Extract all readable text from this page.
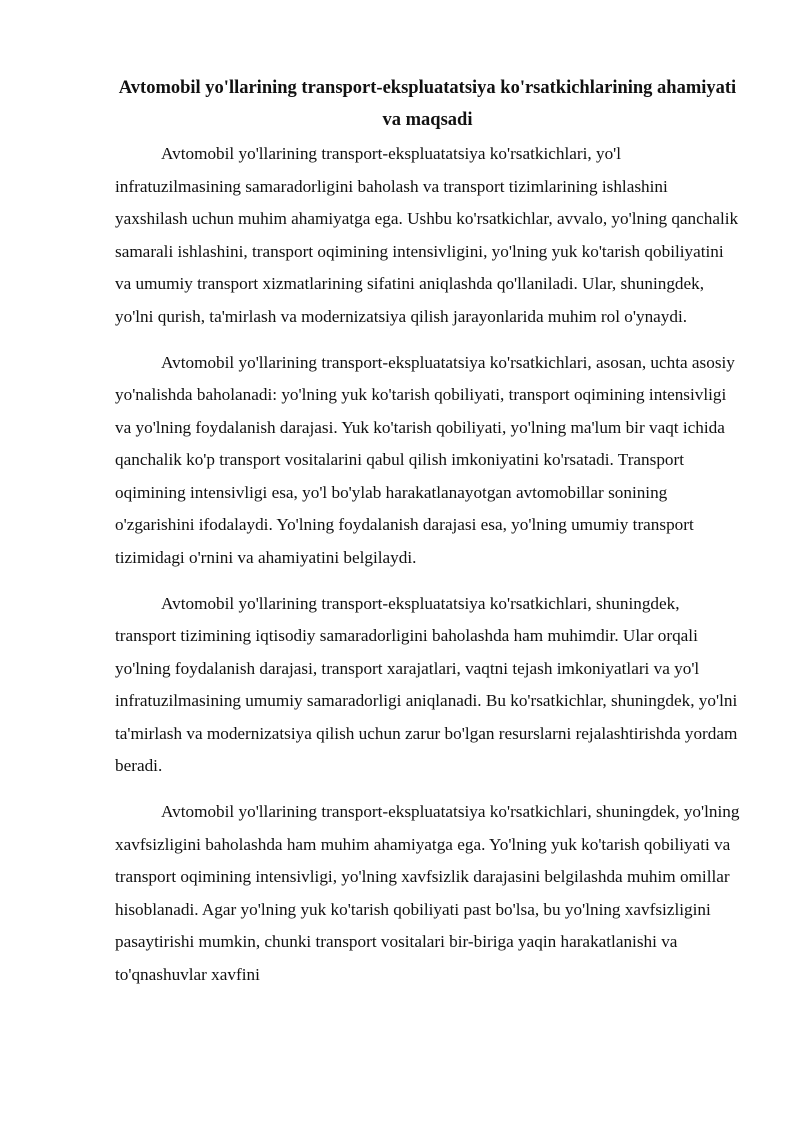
Avtomobil yo'llarining transport-ekspluatatsiya ko'rsatkichlarining ahamiyati va maqsadi

Avtomobil yo'llarining transport-ekspluatatsiya ko'rsatkichlari, yo'l infratuzilmasining samaradorligini baholash va transport tizimlarining ishlashini yaxshilash uchun muhim ahamiyatga ega. Ushbu ko'rsatkichlar, avvalo, yo'lning qanchalik samarali ishlashini, transport oqimining intensivligini, yo'lning yuk ko'tarish qobiliyatini va umumiy transport xizmatlarining sifatini aniqlashda qo'llaniladi. Ular, shuningdek, yo'lni qurish, ta'mirlash va modernizatsiya qilish jarayonlarida muhim rol o'ynaydi.

Avtomobil yo'llarining transport-ekspluatatsiya ko'rsatkichlari, asosan, uchta asosiy yo'nalishda baholanadi: yo'lning yuk ko'tarish qobiliyati, transport oqimining intensivligi va yo'lning foydalanish darajasi. Yuk ko'tarish qobiliyati, yo'lning ma'lum bir vaqt ichida qanchalik ko'p transport vositalarini qabul qilish imkoniyatini ko'rsatadi. Transport oqimining intensivligi esa, yo'l bo'ylab harakatlanayotgan avtomobillar sonining o'zgarishini ifodalaydi. Yo'lning foydalanish darajasi esa, yo'lning umumiy transport tizimidagi o'rnini va ahamiyatini belgilaydi.

Avtomobil yo'llarining transport-ekspluatatsiya ko'rsatkichlari, shuningdek, transport tizimining iqtisodiy samaradorligini baholashda ham muhimdir. Ular orqali yo'lning foydalanish darajasi, transport xarajatlari, vaqtni tejash imkoniyatlari va yo'l infratuzilmasining umumiy samaradorligi aniqlanadi. Bu ko'rsatkichlar, shuningdek, yo'lni ta'mirlash va modernizatsiya qilish uchun zarur bo'lgan resurslarni rejalashtirishda yordam beradi.

Avtomobil yo'llarining transport-ekspluatatsiya ko'rsatkichlari, shuningdek, yo'lning xavfsizligini baholashda ham muhim ahamiyatga ega. Yo'lning yuk ko'tarish qobiliyati va transport oqimining intensivligi, yo'lning xavfsizlik darajasini belgilashda muhim omillar hisoblanadi. Agar yo'lning yuk ko'tarish qobiliyati past bo'lsa, bu yo'lning xavfsizligini pasaytirishi mumkin, chunki transport vositalari bir-biriga yaqin harakatlanishi va to'qnashuvlar xavfini
